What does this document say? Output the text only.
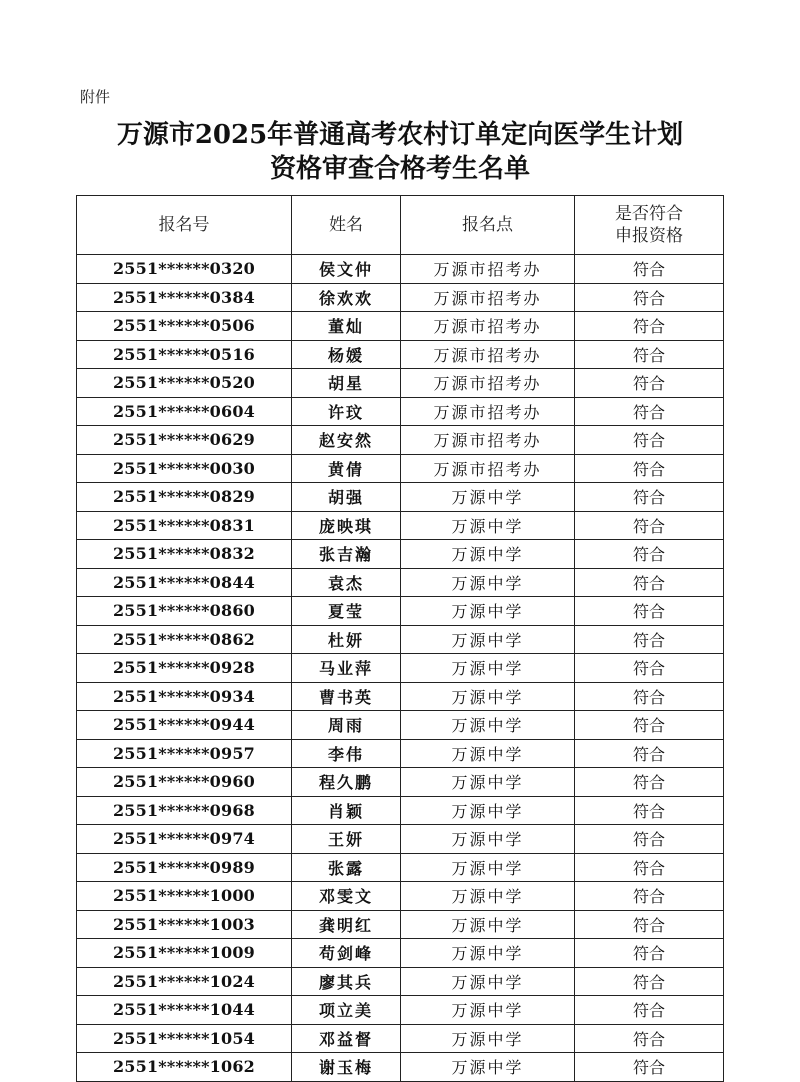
附件
万源市2025年普通高考农村订单定向医学生计划
资格审查合格考生名单
报名号	姓名	报名点	是否符合
申报资格

2551******0320	侯文仲	万源市招考办	符合
2551******0384	徐欢欢	万源市招考办	符合
2551******0506	董灿	万源市招考办	符合
2551******0516	杨媛	万源市招考办	符合
2551******0520	胡星	万源市招考办	符合
2551******0604	许玟	万源市招考办	符合
2551******0629	赵安然	万源市招考办	符合
2551******0030	黄倩	万源市招考办	符合
2551******0829	胡强	万源中学	符合
2551******0831	庞映琪	万源中学	符合
2551******0832	张吉瀚	万源中学	符合
2551******0844	袁杰	万源中学	符合
2551******0860	夏莹	万源中学	符合
2551******0862	杜妍	万源中学	符合
2551******0928	马业萍	万源中学	符合
2551******0934	曹书英	万源中学	符合
2551******0944	周雨	万源中学	符合
2551******0957	李伟	万源中学	符合
2551******0960	程久鹏	万源中学	符合
2551******0968	肖颖	万源中学	符合
2551******0974	王妍	万源中学	符合
2551******0989	张露	万源中学	符合
2551******1000	邓雯文	万源中学	符合
2551******1003	龚明红	万源中学	符合
2551******1009	苟剑峰	万源中学	符合
2551******1024	廖其兵	万源中学	符合
2551******1044	项立美	万源中学	符合
2551******1054	邓益督	万源中学	符合
2551******1062	谢玉梅	万源中学	符合
